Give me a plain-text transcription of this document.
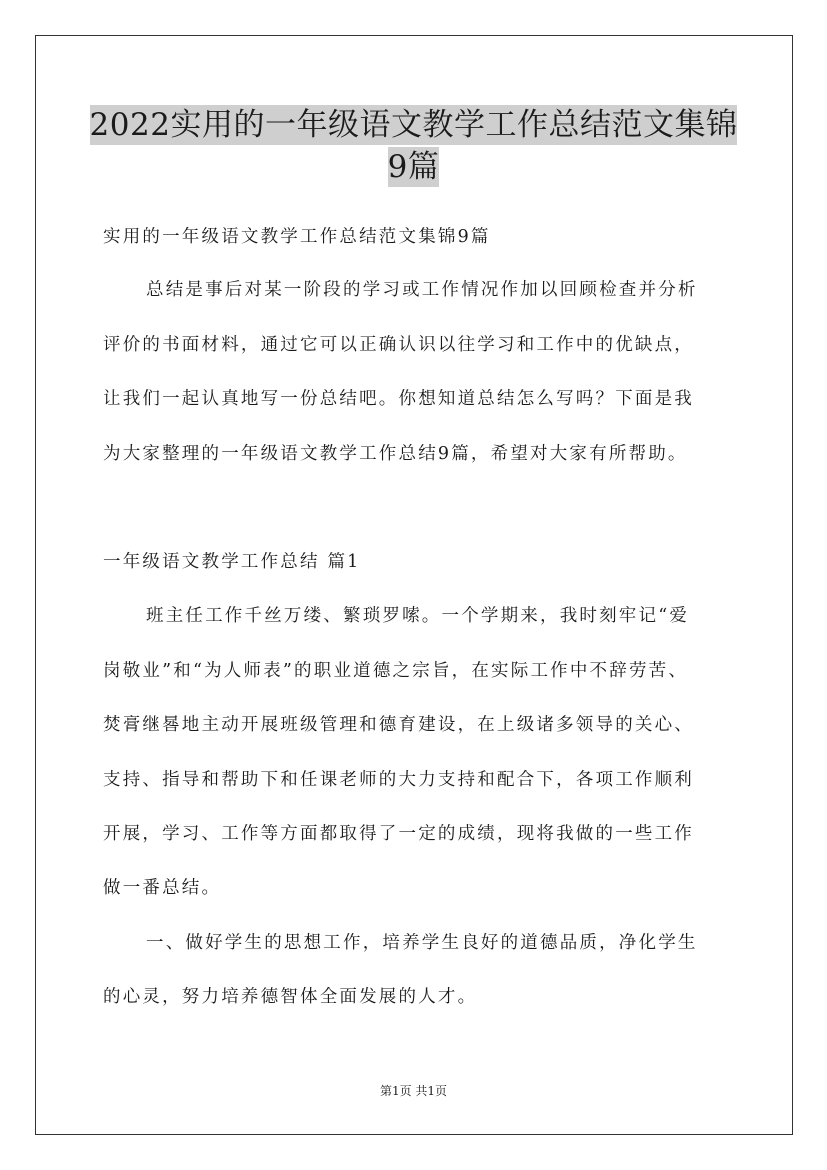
2022实用的一年级语文教学工作总结范文集锦
9篇
实用的一年级语文教学工作总结范文集锦9篇
总结是事后对某一阶段的学习或工作情况作加以回顾检查并分析
评价的书面材料，通过它可以正确认识以往学习和工作中的优缺点，
让我们一起认真地写一份总结吧。你想知道总结怎么写吗？下面是我
为大家整理的一年级语文教学工作总结9篇，希望对大家有所帮助。
一年级语文教学工作总结 篇1
班主任工作千丝万缕、繁琐罗嗦。一个学期来，我时刻牢记“爱
岗敬业”和“为人师表”的职业道德之宗旨，在实际工作中不辞劳苦、
焚膏继晷地主动开展班级管理和德育建设，在上级诸多领导的关心、
支持、指导和帮助下和任课老师的大力支持和配合下，各项工作顺利
开展，学习、工作等方面都取得了一定的成绩，现将我做的一些工作
做一番总结。
一、做好学生的思想工作，培养学生良好的道德品质，净化学生
的心灵，努力培养德智体全面发展的人才。
第1页 共1页
